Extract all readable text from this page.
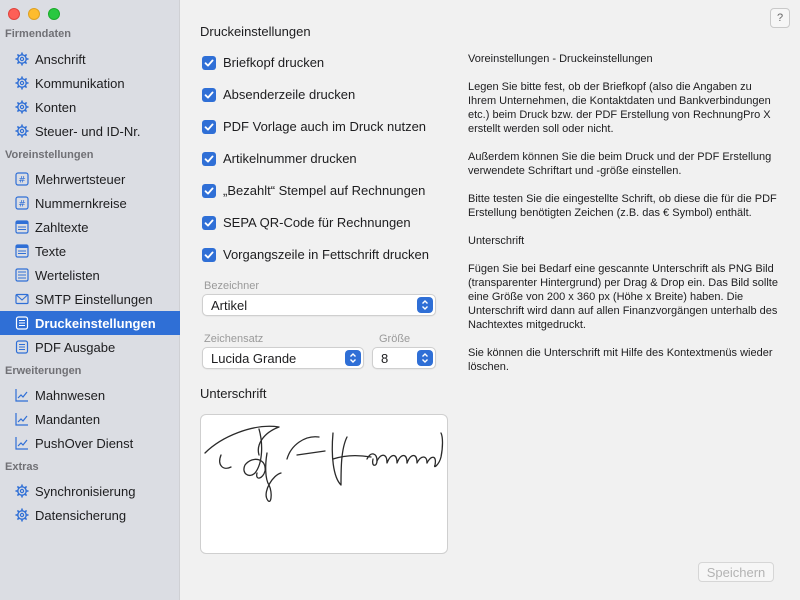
Firmendaten
Anschrift
Kommunikation
Konten
Steuer- und ID-Nr.
Voreinstellungen
# Mehrwertsteuer
# Nummernkreise
Zahltexte
Texte
Wertelisten
SMTP Einstellungen
Druckeinstellungen
PDF Ausgabe
Erweiterungen
Mahnwesen
Mandanten
PushOver Dienst
Extras
Synchronisierung
Datensicherung
?
Druckeinstellungen
Briefkopf drucken
Absenderzeile drucken
PDF Vorlage auch im Druck nutzen
Artikelnummer drucken
„Bezahlt“ Stempel auf Rechnungen
SEPA QR-Code für Rechnungen
Vorgangszeile in Fettschrift drucken
Bezeichner
Artikel
Zeichensatz
Lucida Grande
Größe
8
Unterschrift

Voreinstellungen - Druckeinstellungen

Legen Sie bitte fest, ob der Briefkopf (also die Angaben zu Ihrem Unternehmen, die Kontaktdaten und Bankverbindungen etc.) beim Druck bzw. der PDF Erstellung von RechnungPro X erstellt werden soll oder nicht.

Außerdem können Sie die beim Druck und der PDF Erstellung verwendete Schriftart und -größe einstellen.

Bitte testen Sie die eingestellte Schrift, ob diese die für die PDF Erstellung benötigten Zeichen (z.B. das € Symbol) enthält.

Unterschrift

Fügen Sie bei Bedarf eine gescannte Unterschrift als PNG Bild (transparenter Hintergrund) per Drag & Drop ein. Das Bild sollte eine Größe von 200 x 360 px (Höhe x Breite) haben. Die Unterschrift wird dann auf allen Finanzvorgängen unterhalb des Nachtextes mitgedruckt.

Sie können die Unterschrift mit Hilfe des Kontextmenüs wieder löschen.

Speichern
